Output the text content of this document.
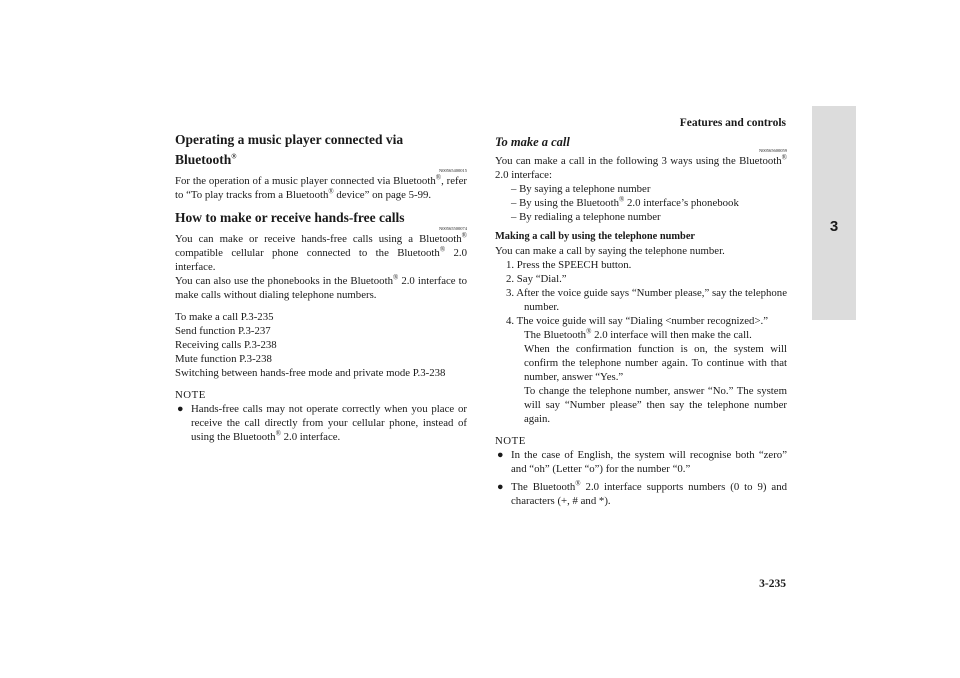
Features and controls
3
Operating a music player connected via Bluetooth®
N00565400015

For the operation of a music player connected via Bluetooth®, refer to “To play tracks from a Bluetooth® device” on page 5-99.

How to make or receive hands-free calls
N00565500074

You can make or receive hands-free calls using a Bluetooth® compatible cellular phone connected to the Bluetooth® 2.0 interface.

You can also use the phonebooks in the Bluetooth® 2.0 interface to make calls without dialing telephone numbers.

To make a call P.3-235
Send function P.3-237
Receiving calls P.3-238
Mute function P.3-238
Switching between hands-free mode and private mode P.3-238
NOTE
● Hands-free calls may not operate correctly when you place or receive the call directly from your cellular phone, instead of using the Bluetooth® 2.0 interface.
To make a call
N00565600059

You can make a call in the following 3 ways using the Bluetooth® 2.0 interface:

– By saying a telephone number
– By using the Bluetooth® 2.0 interface’s phonebook
– By redialing a telephone number
Making a call by using the telephone number

You can make a call by saying the telephone number.

1. Press the SPEECH button.
2. Say “Dial.”
3. After the voice guide says “Number please,” say the telephone number.
4. The voice guide will say “Dialing <number recognized>.”
The Bluetooth® 2.0 interface will then make the call.
When the confirmation function is on, the system will confirm the telephone number again. To continue with that number, answer “Yes.”
To change the telephone number, answer “No.” The system will say “Number please” then say the telephone number again.
NOTE
● In the case of English, the system will recognise both “zero” and “oh” (Letter “o”) for the number “0.”
● The Bluetooth® 2.0 interface supports numbers (0 to 9) and characters (+, # and *).
3-235
